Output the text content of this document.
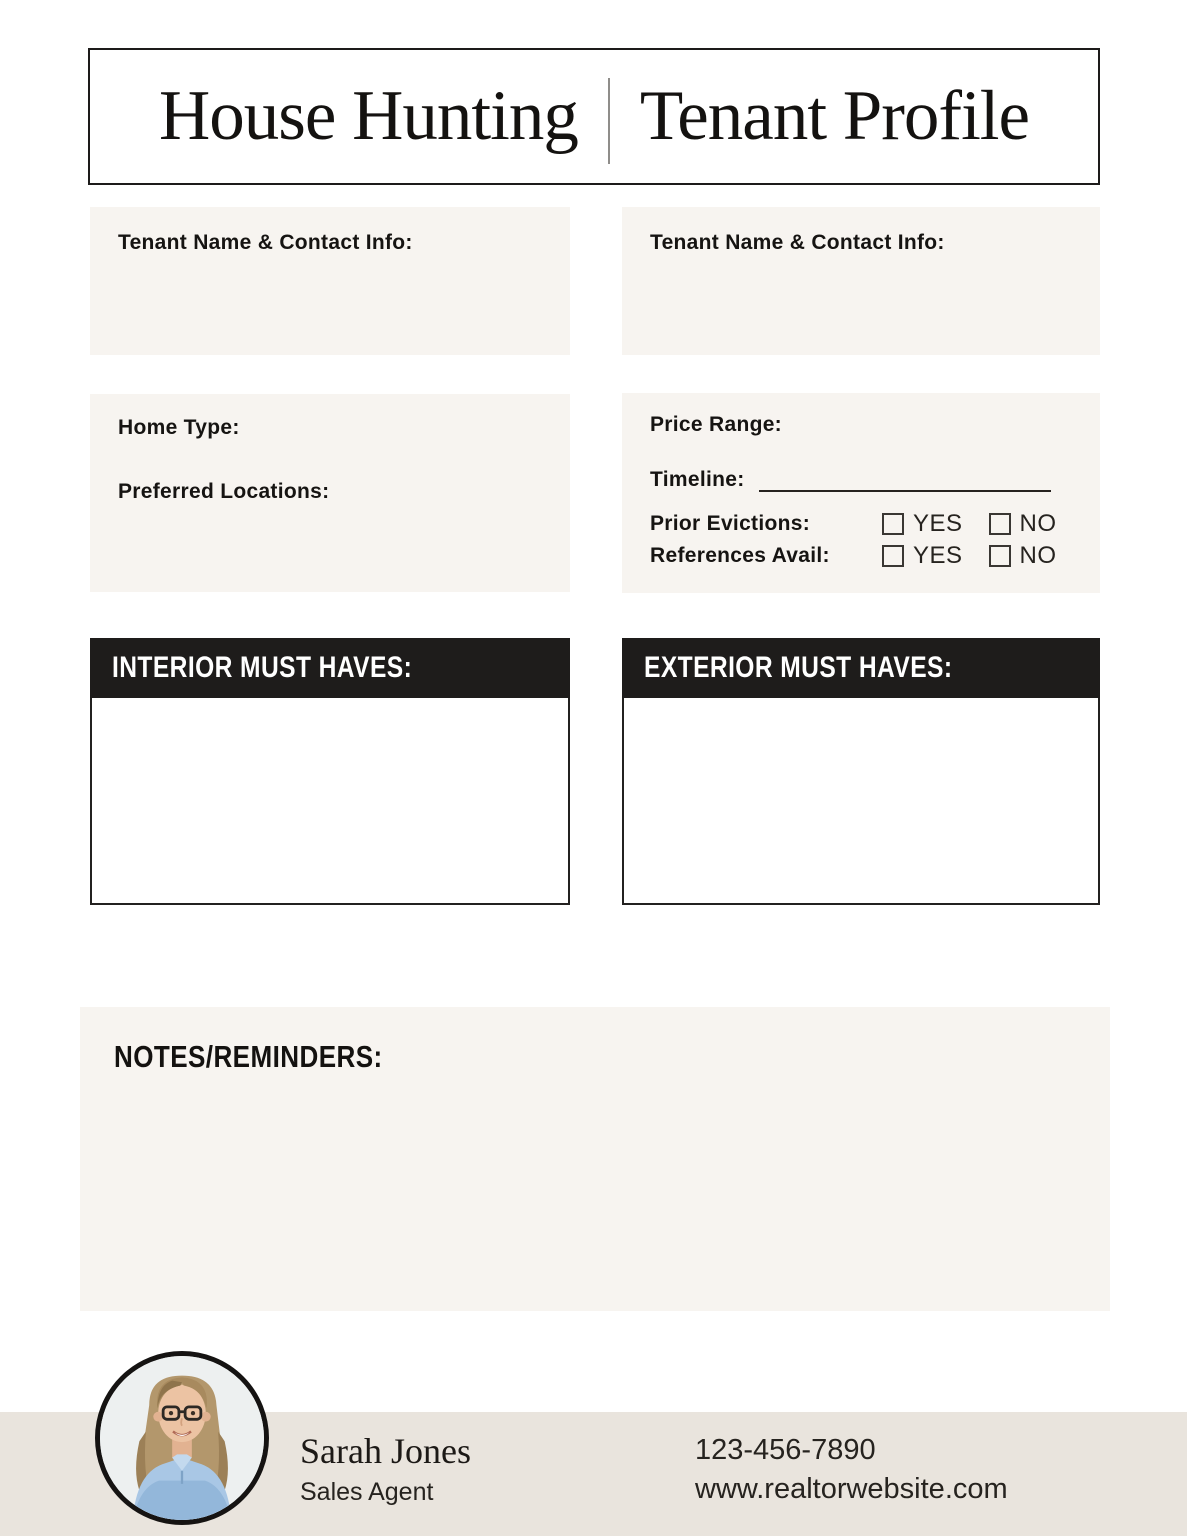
House Hunting Tenant Profile
Tenant Name & Contact Info:	Tenant Name & Contact Info:
Home Type:
Preferred Locations:
Price Range:
Timeline:
Prior Evictions:	YES NO
References Avail:	YES NO
INTERIOR MUST HAVES:	EXTERIOR MUST HAVES:
NOTES/REMINDERS:
Sarah Jones
Sales Agent
123-456-7890
www.realtorwebsite.com
